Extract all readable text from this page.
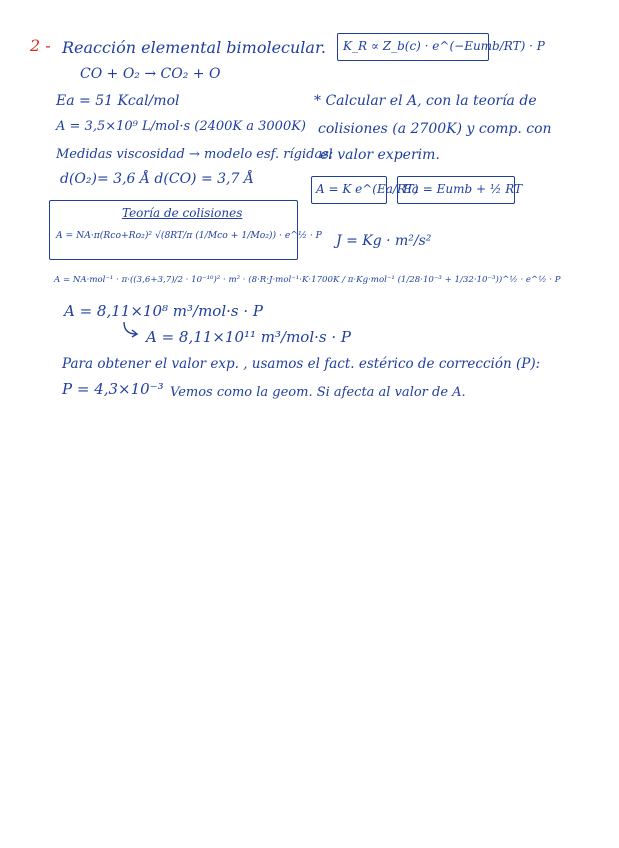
2 - Reacción elemental bimolecular.
CO + O₂ → CO₂ + O
K_R ∝ Z_b(c) · e^(−Eumb/RT) · P
Ea = 51 Kcal/mol
A = 3,5×10⁹ L/mol·s (2400K a 3000K)
Medidas viscosidad → modelo esf. rígidas:
d(O₂)= 3,6 Å d(CO) = 3,7 Å
* Calcular el A, con la teoría de
colisiones (a 2700K) y comp. con
el valor experim.
A = K e^(Ea/RT)
Ea = Eumb + ½ RT
Teoría de colisiones
A = NA·π(Rco+Ro₂)² √(8RT/π (1/Mco + 1/Mo₂)) · e^½ · P J = Kg · m²/s²
A = NA·mol⁻¹ · π·((3,6+3,7)/2 · 10⁻¹⁰)² · m² · (8·R·J·mol⁻¹·K·1700K / π·Kg·mol⁻¹ (1/28·10⁻³ + 1/32·10⁻³))^½ · e^½ · P
A = 8,11×10⁸ m³/mol·s · P
A = 8,11×10¹¹ m³/mol·s · P
Para obtener el valor exp. , usamos el fact. estérico de corrección (P):
P = 4,3×10⁻³ Vemos como la geom. Si afecta al valor de A.
